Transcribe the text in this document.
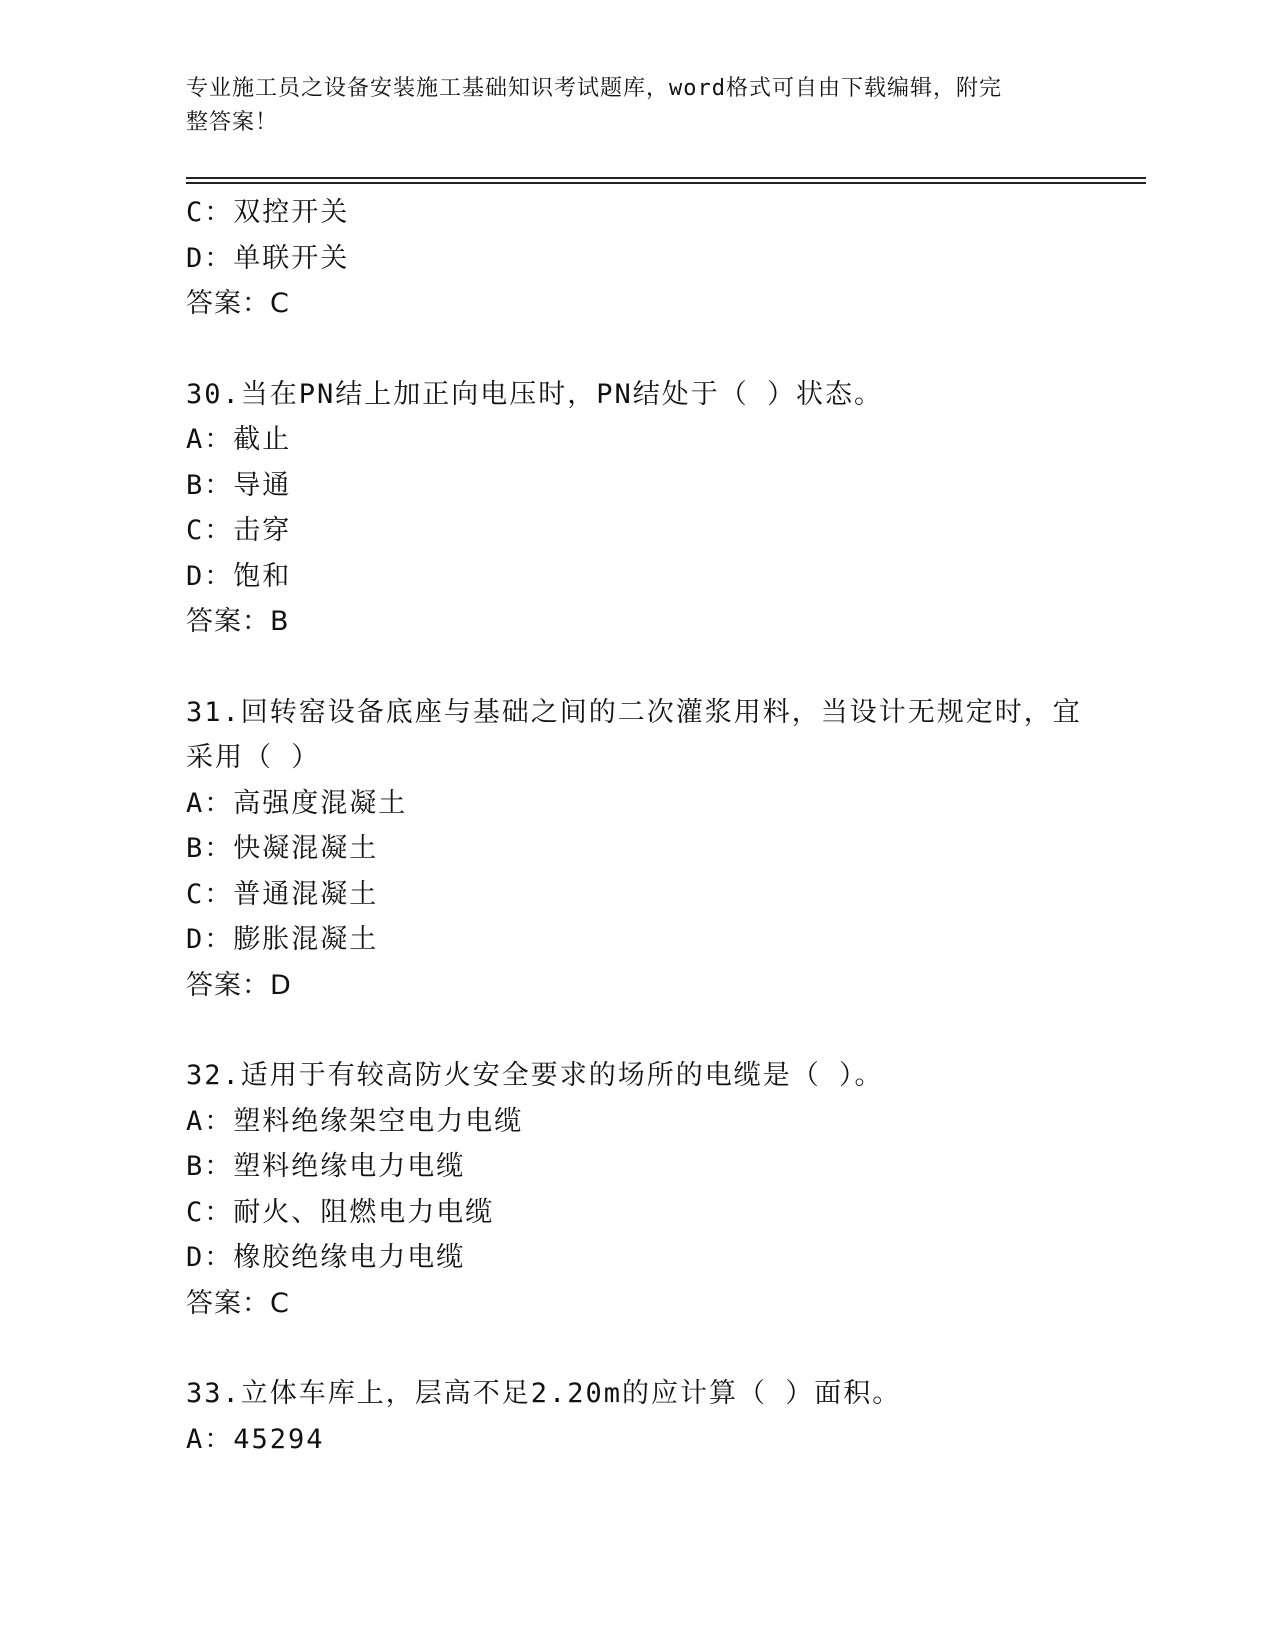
专业施工员之设备安装施工基础知识考试题库，word格式可自由下载编辑，附完
整答案！
C：双控开关
D：单联开关
答案：C
30.当在PN结上加正向电压时，PN结处于（ ）状态。
A：截止
B：导通
C：击穿
D：饱和
答案：B
31.回转窑设备底座与基础之间的二次灌浆用料，当设计无规定时，宜
采用（ ）
A：高强度混凝土
B：快凝混凝土
C：普通混凝土
D：膨胀混凝土
答案：D
32.适用于有较高防火安全要求的场所的电缆是（ ）。
A：塑料绝缘架空电力电缆
B：塑料绝缘电力电缆
C：耐火、阻燃电力电缆
D：橡胶绝缘电力电缆
答案：C
33.立体车库上，层高不足2.20m的应计算（ ）面积。
A：45294
